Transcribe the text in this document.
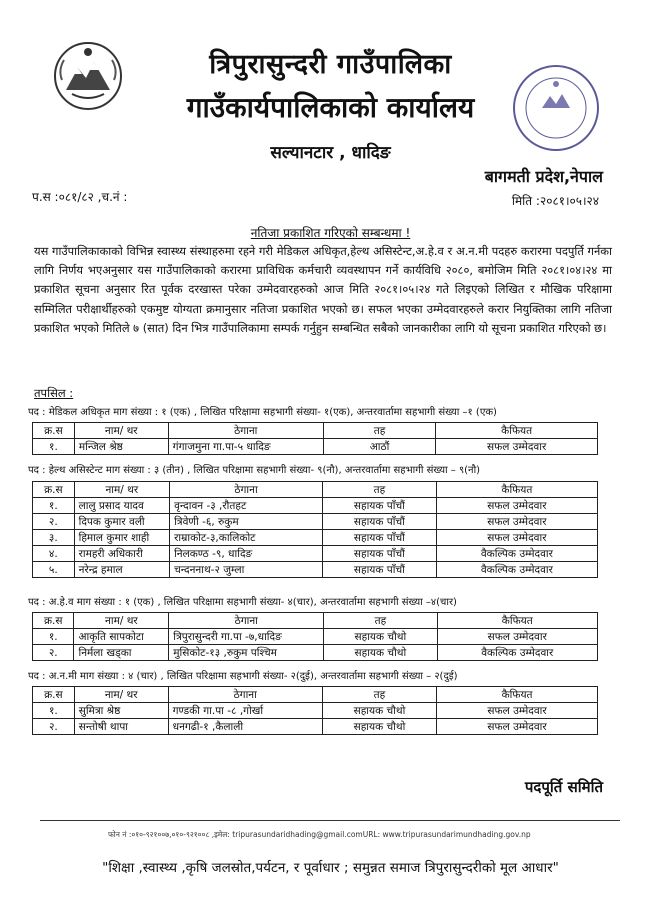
त्रिपुरासुन्दरी गाउँपालिका
गाउँकार्यपालिकाको कार्यालय
सल्यानटार , धादिङ
बागमती प्रदेश,नेपाल
प.स :०८१/८२ ,च.नं :	मिति :२०८१।०५।२४
नतिजा प्रकाशित गरिएको सम्बन्धमा !
यस गाउँपालिकाकाको विभिन्न स्वास्थ्य संस्थाहरुमा रहने गरी मेडिकल अधिकृत,हेल्थ असिस्टेन्ट,अ.हे.व र अ.न.मी पदहरु करारमा पदपुर्ति गर्नका लागि निर्णय भएअनुसार यस गाउँपालिकाको करारमा प्राविधिक कर्मचारी व्यवस्थापन गर्ने कार्यविधि २०८०, बमोजिम मिति २०८१।०४।२४ मा प्रकाशित सूचना अनुसार रित पूर्वक दरखास्त परेका उम्मेदवारहरुको आज मिति २०८१।०५।२४ गते लिइएको लिखित र मौखिक परिक्षामा सम्मिलित परीक्षार्थीहरुको एकमुष्ट योग्यता क्रमानुसार नतिजा प्रकाशित भएको छ। सफल भएका उम्मेदवारहरुले करार नियुक्तिका लागि नतिजा प्रकाशित भएको मितिले ७ (सात) दिन भित्र गाउँपालिकामा सम्पर्क गर्नुहुन सम्बन्धित सबैको जानकारीका लागि यो सूचना प्रकाशित गरिएको छ।
तपसिल :
पद : मेडिकल अधिकृत माग संख्या : १ (एक) , लिखित परिक्षामा सहभागी संख्या- १(एक), अन्तरवार्तामा सहभागी संख्या –१ (एक)
क्र.स	नाम/ थर	ठेगाना	तह	कैफियत
१.	मन्जिल श्रेष्ठ	गंगाजमुना गा.पा-५ धादिङ	आठौं	सफल उम्मेदवार
पद : हेल्थ असिस्टेन्ट माग संख्या : ३ (तीन) , लिखित परिक्षामा सहभागी संख्या- ९(नौ), अन्तरवार्तामा सहभागी संख्या – ९(नौ)
क्र.स	नाम/ थर	ठेगाना	तह	कैफियत
१.	लालु प्रसाद यादव	वृन्दावन -३ ,रौतहट	सहायक पाँचौं	सफल उम्मेदवार
२.	दिपक कुमार वली	त्रिवेणी -६, रुकुम	सहायक पाँचौं	सफल उम्मेदवार
३.	हिमाल कुमार शाही	राम्राकोट-३,कालिकोट	सहायक पाँचौं	सफल उम्मेदवार
४.	रामहरी अधिकारी	निलकण्ठ -९, धादिङ	सहायक पाँचौं	वैकल्पिक उम्मेदवार
५.	नरेन्द्र हमाल	चन्दननाथ-२ जुम्ला	सहायक पाँचौं	वैकल्पिक उम्मेदवार
पद : अ.हे.व माग संख्या : १ (एक) , लिखित परिक्षामा सहभागी संख्या- ४(चार), अन्तरवार्तामा सहभागी संख्या –४(चार)
क्र.स	नाम/ थर	ठेगाना	तह	कैफियत
१.	आकृति सापकोटा	त्रिपुरासुन्दरी गा.पा -७,धादिङ	सहायक चौथो	सफल उम्मेदवार
२.	निर्मला खड्का	मुसिकोट-१३ ,रुकुम पश्चिम	सहायक चौथो	वैकल्पिक उम्मेदवार
पद : अ.न.मी माग संख्या : ४ (चार) , लिखित परिक्षामा सहभागी संख्या- २(दुई), अन्तरवार्तामा सहभागी संख्या – २(दुई)
क्र.स	नाम/ थर	ठेगाना	तह	कैफियत
१.	सुमित्रा श्रेष्ठ	गण्डकी गा.पा -८ ,गोर्खा	सहायक चौथो	सफल उम्मेदवार
२.	सन्तोषी थापा	धनगढी-१ ,कैलाली	सहायक चौथो	सफल उम्मेदवार
पदपूर्ति समिति
फोन नं :०१०-९२१००७,०१०-९२१००८ ,इमेल: tripurasundaridhading@gmail.comURL: www.tripurasundarimundhading.gov.np
"शिक्षा ,स्वास्थ्य ,कृषि जलस्रोत,पर्यटन, र पूर्वाधार ; समुन्नत समाज त्रिपुरासुन्दरीको मूल आधार"
